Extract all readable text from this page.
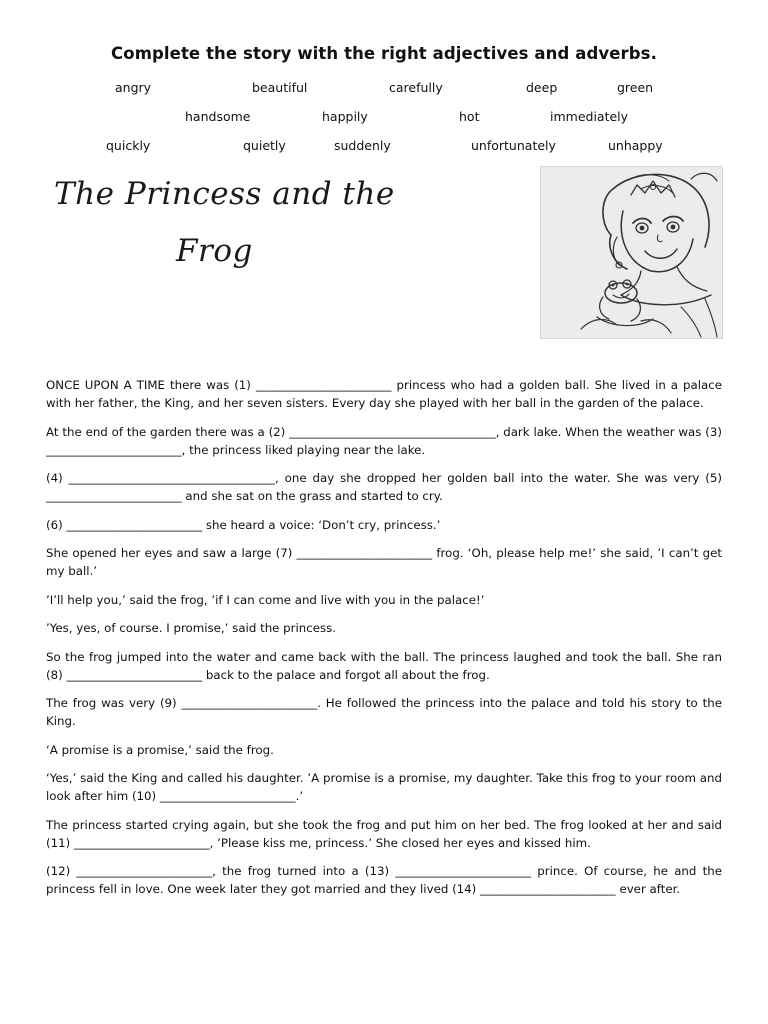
Complete the story with the right adjectives and adverbs.
angry	beautiful	carefully	deep	green
handsome	happily	hot	immediately
quickly	quietly	suddenly	unfortunately	unhappy
The Princess and the
Frog

ONCE UPON A TIME there was (1) _______________________ princess who had a golden ball. She lived in a palace with her father, the King, and her seven sisters. Every day she played with her ball in the garden of the palace.

At the end of the garden there was a (2) ___________________________________, dark lake. When the weather was (3) _______________________, the princess liked playing near the lake.

(4) ___________________________________, one day she dropped her golden ball into the water. She was very (5) _______________________ and she sat on the grass and started to cry.

(6) _______________________ she heard a voice: ‘Don’t cry, princess.’

She opened her eyes and saw a large (7) _______________________ frog. ‘Oh, please help me!’ she said, ’I can’t get my ball.’

’I’ll help you,’ said the frog, ’if I can come and live with you in the palace!’

’Yes, yes, of course. I promise,’ said the princess.

So the frog jumped into the water and came back with the ball. The princess laughed and took the ball. She ran (8) _______________________ back to the palace and forgot all about the frog.

The frog was very (9) _______________________. He followed the princess into the palace and told his story to the King.

‘A promise is a promise,’ said the frog.

‘Yes,’ said the King and called his daughter. ’A promise is a promise, my daughter. Take this frog to your room and look after him (10) _______________________.’

The princess started crying again, but she took the frog and put him on her bed. The frog looked at her and said (11) _______________________, ’Please kiss me, princess.’ She closed her eyes and kissed him.

(12) _______________________, the frog turned into a (13) _______________________ prince. Of course, he and the princess fell in love. One week later they got married and they lived (14) _______________________ ever after.
